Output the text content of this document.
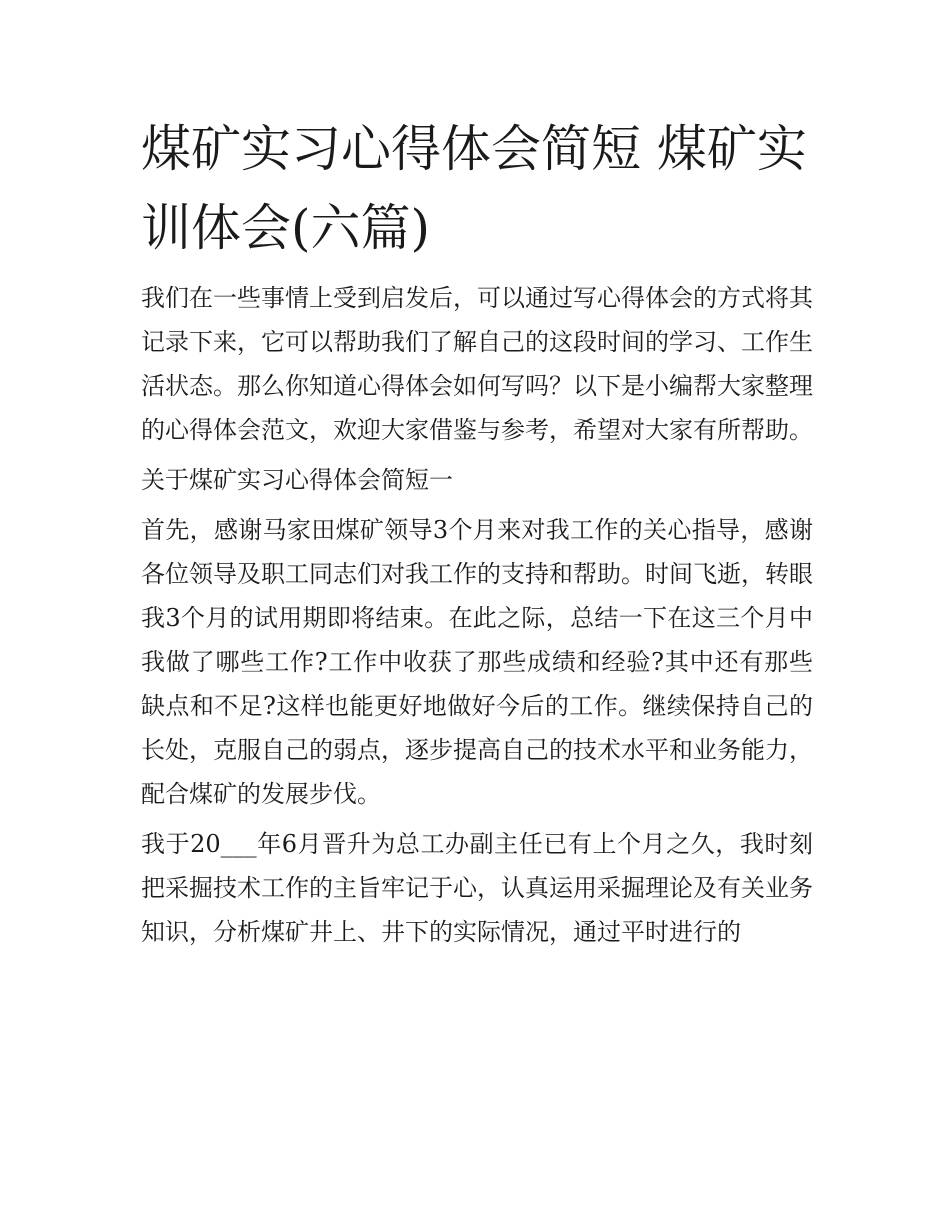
煤矿实习心得体会简短 煤矿实训体会(六篇)

我们在一些事情上受到启发后，可以通过写心得体会的方式将其记录下来，它可以帮助我们了解自己的这段时间的学习、工作生活状态。那么你知道心得体会如何写吗？以下是小编帮大家整理的心得体会范文，欢迎大家借鉴与参考，希望对大家有所帮助。

关于煤矿实习心得体会简短一

首先，感谢马家田煤矿领导3个月来对我工作的关心指导，感谢各位领导及职工同志们对我工作的支持和帮助。时间飞逝，转眼我3个月的试用期即将结束。在此之际，总结一下在这三个月中我做了哪些工作?工作中收获了那些成绩和经验?其中还有那些缺点和不足?这样也能更好地做好今后的工作。继续保持自己的长处，克服自己的弱点，逐步提高自己的技术水平和业务能力，配合煤矿的发展步伐。

我于20___年6月晋升为总工办副主任已有上个月之久，我时刻把采掘技术工作的主旨牢记于心，认真运用采掘理论及有关业务知识，分析煤矿井上、井下的实际情况，通过平时进行的
